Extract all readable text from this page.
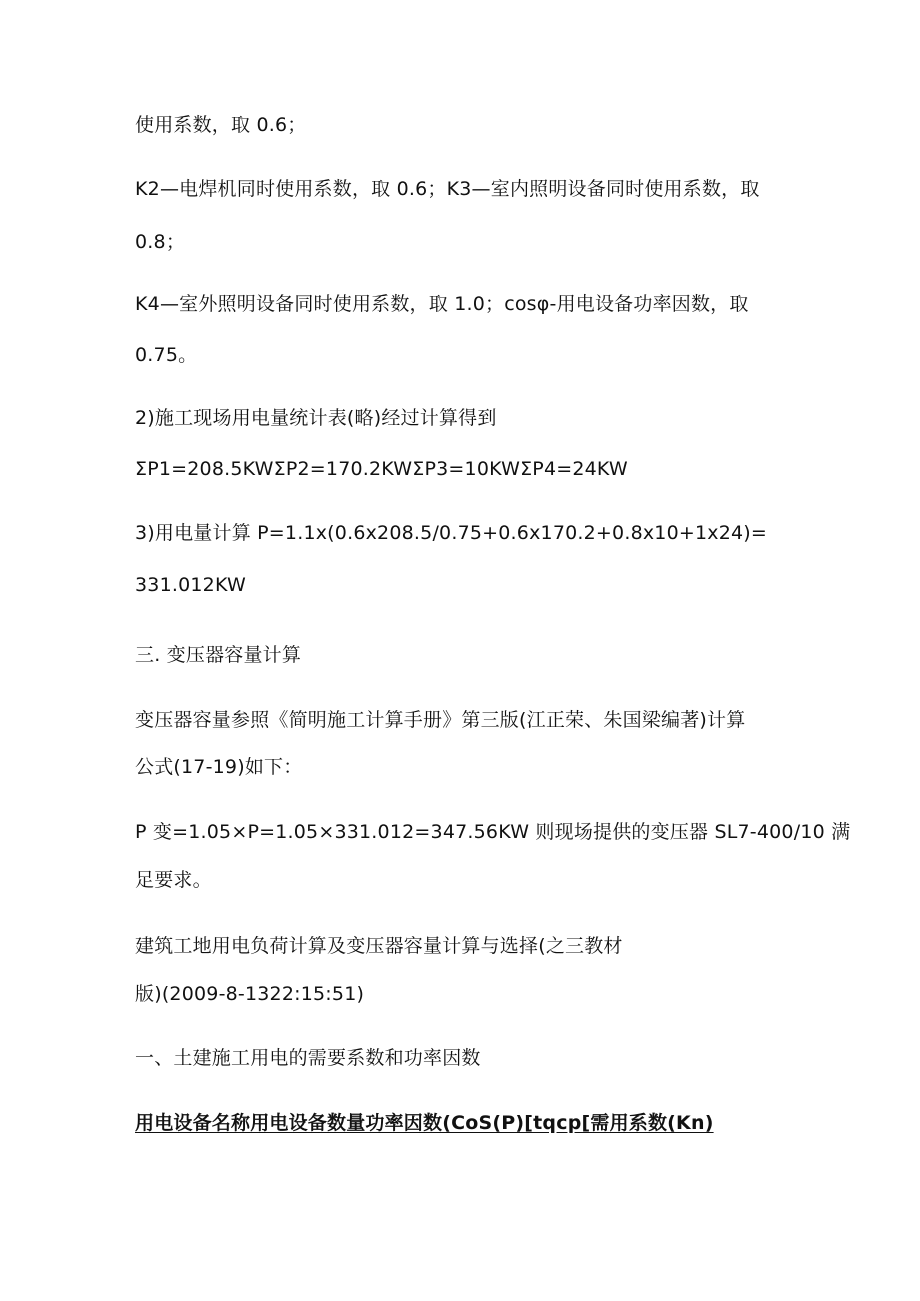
使用系数，取 0.6；
K2—电焊机同时使用系数，取 0.6；K3—室内照明设备同时使用系数，取
0.8；
K4—室外照明设备同时使用系数，取 1.0；cosφ-用电设备功率因数，取
0.75。
2)施工现场用电量统计表(略)经过计算得到
ΣP1=208.5KWΣP2=170.2KWΣP3=10KWΣP4=24KW
3)用电量计算 P=1.1x(0.6x208.5/0.75+0.6x170.2+0.8x10+1x24)=
331.012KW
三. 变压器容量计算
变压器容量参照《简明施工计算手册》第三版(江正荣、朱国梁编著)计算
公式(17-19)如下：
P 变=1.05×P=1.05×331.012=347.56KW 则现场提供的变压器 SL7-400/10 满
足要求。
建筑工地用电负荷计算及变压器容量计算与选择(之三教材
版)(2009-8-1322:15:51)
一、土建施工用电的需要系数和功率因数
用电设备名称用电设备数量功率因数(CoS(P)[tqcp[需用系数(Kn)
